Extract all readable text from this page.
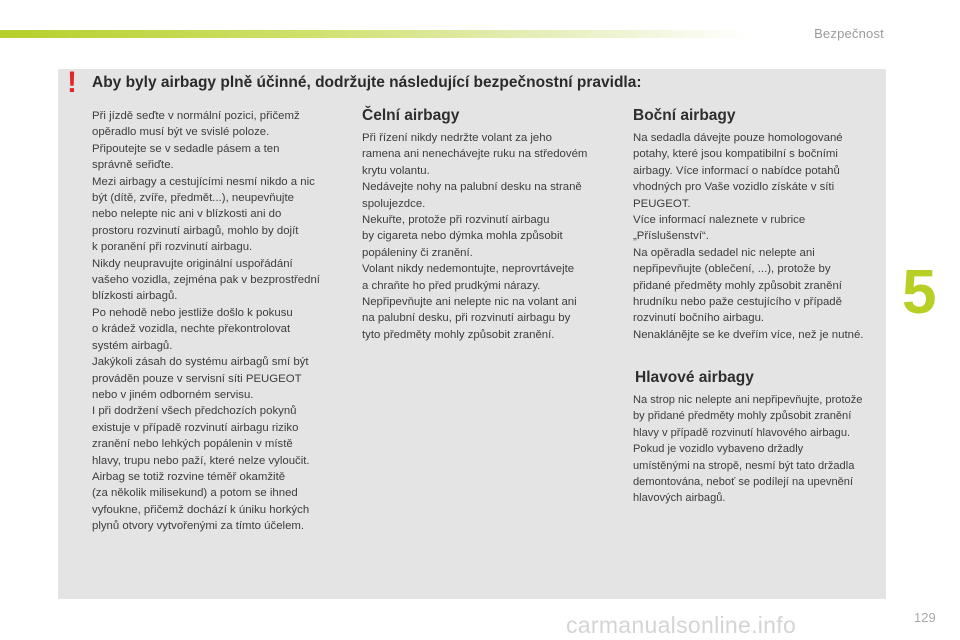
Bezpečnost
5
! Aby byly airbagy plně účinné, dodržujte následující bezpečnostní pravidla:

Při jízdě seďte v normální pozici, přičemž

opěradlo musí být ve svislé poloze.

Připoutejte se v sedadle pásem a ten

správně seřiďte.

Mezi airbagy a cestujícími nesmí nikdo a nic

být (dítě, zvíře, předmět...), neupevňujte

nebo nelepte nic ani v blízkosti ani do

prostoru rozvinutí airbagů, mohlo by dojít

k poranění při rozvinutí airbagu.

Nikdy neupravujte originální uspořádání

vašeho vozidla, zejména pak v bezprostřední

blízkosti airbagů.

Po nehodě nebo jestliže došlo k pokusu

o krádež vozidla, nechte překontrolovat

systém airbagů.

Jakýkoli zásah do systému airbagů smí být

prováděn pouze v servisní síti PEUGEOT

nebo v jiném odborném servisu.

I při dodržení všech předchozích pokynů

existuje v případě rozvinutí airbagu riziko

zranění nebo lehkých popálenin v místě

hlavy, trupu nebo paží, které nelze vyloučit.

Airbag se totiž rozvine téměř okamžitě

(za několik milisekund) a potom se ihned

vyfoukne, přičemž dochází k úniku horkých

plynů otvory vytvořenými za tímto účelem.

Čelní airbagy

Při řízení nikdy nedržte volant za jeho

ramena ani nenechávejte ruku na středovém

krytu volantu.

Nedávejte nohy na palubní desku na straně

spolujezdce.

Nekuřte, protože při rozvinutí airbagu

by cigareta nebo dýmka mohla způsobit

popáleniny či zranění.

Volant nikdy nedemontujte, neprovrtávejte

a chraňte ho před prudkými nárazy.

Nepřipevňujte ani nelepte nic na volant ani

na palubní desku, při rozvinutí airbagu by

tyto předměty mohly způsobit zranění.

Boční airbagy

Na sedadla dávejte pouze homologované

potahy, které jsou kompatibilní s bočními

airbagy. Více informací o nabídce potahů

vhodných pro Vaše vozidlo získáte v síti

PEUGEOT.

Více informací naleznete v rubrice

„Příslušenství“.

Na opěradla sedadel nic nelepte ani

nepřipevňujte (oblečení, ...), protože by

přidané předměty mohly způsobit zranění

hrudníku nebo paže cestujícího v případě

rozvinutí bočního airbagu.

Nenaklánějte se ke dveřím více, než je nutné.

Hlavové airbagy

Na strop nic nelepte ani nepřipevňujte, protože

by přidané předměty mohly způsobit zranění

hlavy v případě rozvinutí hlavového airbagu.

Pokud je vozidlo vybaveno držadly

umístěnými na stropě, nesmí být tato držadla

demontována, neboť se podílejí na upevnění

hlavových airbagů.

carmanualsonline.info	129
